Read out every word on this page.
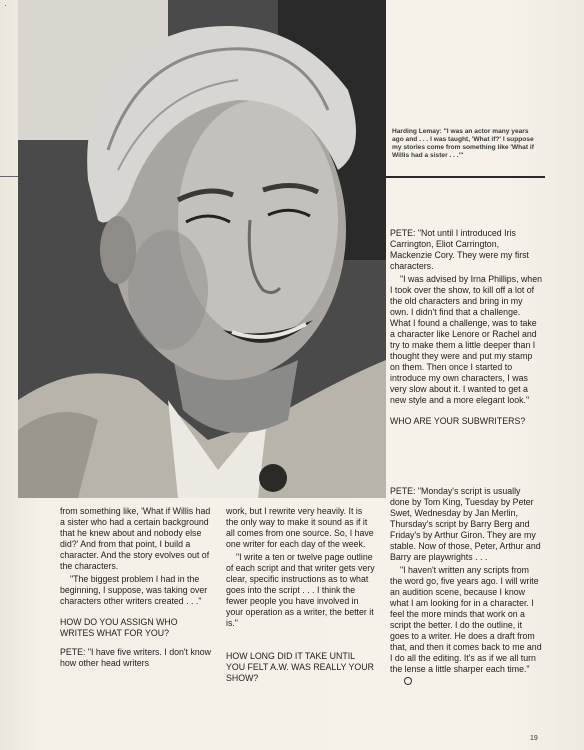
·
Harding Lemay: "I was an actor many years ago and . . . I was taught, 'What if?' I suppose my stories come from something like 'What if Willis had a sister . . .'"

PETE: "Not until I introduced Iris Carrington, Eliot Carrington, Mackenzie Cory. They were my first characters.

"I was advised by Irna Phillips, when I took over the show, to kill off a lot of the old characters and bring in my own. I didn't find that a challenge. What I found a challenge, was to take a character like Lenore or Rachel and try to make them a little deeper than I thought they were and put my stamp on them. Then once I started to introduce my own characters, I was very slow about it. I wanted to get a new style and a more elegant look."

WHO ARE YOUR SUBWRITERS?

from something like, 'What if Willis had a sister who had a certain background that he knew about and nobody else did?' And from that point, I build a character. And the story evolves out of the characters.

"The biggest problem I had in the beginning, I suppose, was taking over characters other writers created . . ."

HOW DO YOU ASSIGN WHO WRITES WHAT FOR YOU?

PETE: "I have five writers. I don't know how other head writers

work, but I rewrite very heavily. It is the only way to make it sound as if it all comes from one source. So, I have one writer for each day of the week.

"I write a ten or twelve page outline of each script and that writer gets very clear, specific instructions as to what goes into the script . . . I think the fewer people you have involved in your operation as a writer, the better it is."

HOW LONG DID IT TAKE UNTIL YOU FELT A.W. WAS REALLY YOUR SHOW?

PETE: "Monday's script is usually done by Tom King, Tuesday by Peter Swet, Wednesday by Jan Merlin, Thursday's script by Barry Berg and Friday's by Arthur Giron. They are my stable. Now of those, Peter, Arthur and Barry are playwrights . . .

"I haven't written any scripts from the word go, five years ago. I will write an audition scene, because I know what I am looking for in a character. I feel the more minds that work on a script the better. I do the outline, it goes to a writer. He does a draft from that, and then it comes back to me and I do all the editing. It's as if we all turn the lense a little sharper each time."

19
